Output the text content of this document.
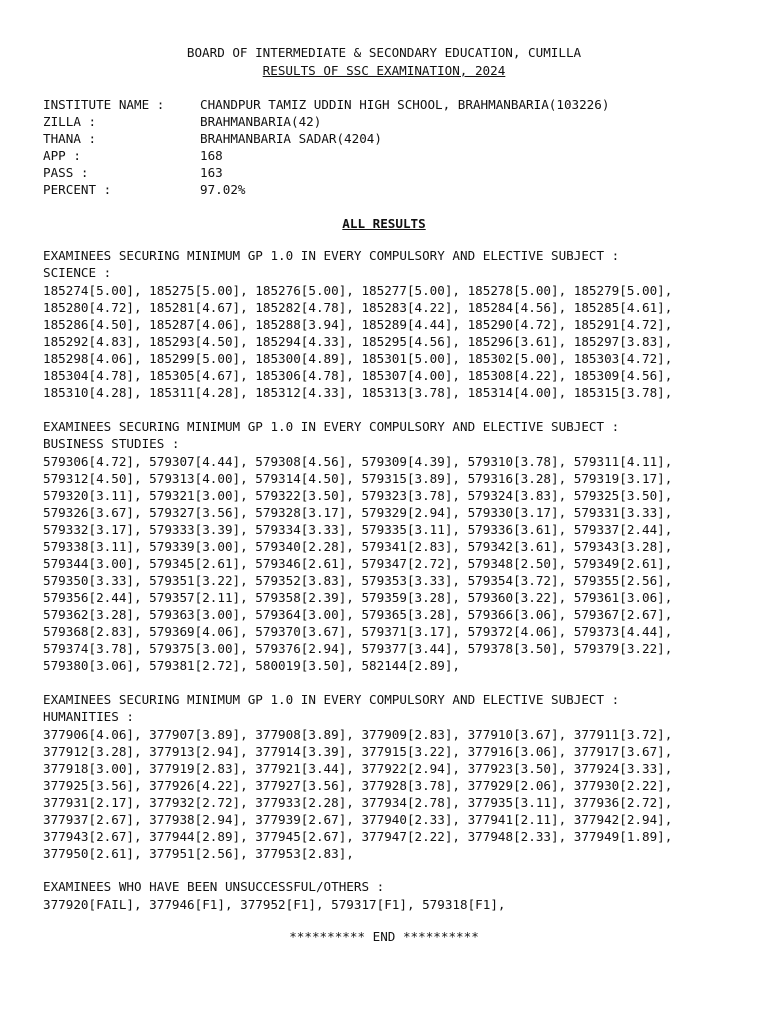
BOARD OF INTERMEDIATE & SECONDARY EDUCATION, CUMILLA
RESULTS OF SSC EXAMINATION, 2024
INSTITUTE NAME :	CHANDPUR TAMIZ UDDIN HIGH SCHOOL, BRAHMANBARIA(103226)
ZILLA :	BRAHMANBARIA(42)
THANA :	BRAHMANBARIA SADAR(4204)
APP :	168
PASS :	163
PERCENT :	97.02%
ALL RESULTS
EXAMINEES SECURING MINIMUM GP 1.0 IN EVERY COMPULSORY AND ELECTIVE SUBJECT :
SCIENCE :
185274[5.00], 185275[5.00], 185276[5.00], 185277[5.00], 185278[5.00], 185279[5.00],
185280[4.72], 185281[4.67], 185282[4.78], 185283[4.22], 185284[4.56], 185285[4.61],
185286[4.50], 185287[4.06], 185288[3.94], 185289[4.44], 185290[4.72], 185291[4.72],
185292[4.83], 185293[4.50], 185294[4.33], 185295[4.56], 185296[3.61], 185297[3.83],
185298[4.06], 185299[5.00], 185300[4.89], 185301[5.00], 185302[5.00], 185303[4.72],
185304[4.78], 185305[4.67], 185306[4.78], 185307[4.00], 185308[4.22], 185309[4.56],
185310[4.28], 185311[4.28], 185312[4.33], 185313[3.78], 185314[4.00], 185315[3.78],
EXAMINEES SECURING MINIMUM GP 1.0 IN EVERY COMPULSORY AND ELECTIVE SUBJECT :
BUSINESS STUDIES :
579306[4.72], 579307[4.44], 579308[4.56], 579309[4.39], 579310[3.78], 579311[4.11],
579312[4.50], 579313[4.00], 579314[4.50], 579315[3.89], 579316[3.28], 579319[3.17],
579320[3.11], 579321[3.00], 579322[3.50], 579323[3.78], 579324[3.83], 579325[3.50],
579326[3.67], 579327[3.56], 579328[3.17], 579329[2.94], 579330[3.17], 579331[3.33],
579332[3.17], 579333[3.39], 579334[3.33], 579335[3.11], 579336[3.61], 579337[2.44],
579338[3.11], 579339[3.00], 579340[2.28], 579341[2.83], 579342[3.61], 579343[3.28],
579344[3.00], 579345[2.61], 579346[2.61], 579347[2.72], 579348[2.50], 579349[2.61],
579350[3.33], 579351[3.22], 579352[3.83], 579353[3.33], 579354[3.72], 579355[2.56],
579356[2.44], 579357[2.11], 579358[2.39], 579359[3.28], 579360[3.22], 579361[3.06],
579362[3.28], 579363[3.00], 579364[3.00], 579365[3.28], 579366[3.06], 579367[2.67],
579368[2.83], 579369[4.06], 579370[3.67], 579371[3.17], 579372[4.06], 579373[4.44],
579374[3.78], 579375[3.00], 579376[2.94], 579377[3.44], 579378[3.50], 579379[3.22],
579380[3.06], 579381[2.72], 580019[3.50], 582144[2.89],
EXAMINEES SECURING MINIMUM GP 1.0 IN EVERY COMPULSORY AND ELECTIVE SUBJECT :
HUMANITIES :
377906[4.06], 377907[3.89], 377908[3.89], 377909[2.83], 377910[3.67], 377911[3.72],
377912[3.28], 377913[2.94], 377914[3.39], 377915[3.22], 377916[3.06], 377917[3.67],
377918[3.00], 377919[2.83], 377921[3.44], 377922[2.94], 377923[3.50], 377924[3.33],
377925[3.56], 377926[4.22], 377927[3.56], 377928[3.78], 377929[2.06], 377930[2.22],
377931[2.17], 377932[2.72], 377933[2.28], 377934[2.78], 377935[3.11], 377936[2.72],
377937[2.67], 377938[2.94], 377939[2.67], 377940[2.33], 377941[2.11], 377942[2.94],
377943[2.67], 377944[2.89], 377945[2.67], 377947[2.22], 377948[2.33], 377949[1.89],
377950[2.61], 377951[2.56], 377953[2.83],
EXAMINEES WHO HAVE BEEN UNSUCCESSFUL/OTHERS :
377920[FAIL], 377946[F1], 377952[F1], 579317[F1], 579318[F1],
********** END **********
